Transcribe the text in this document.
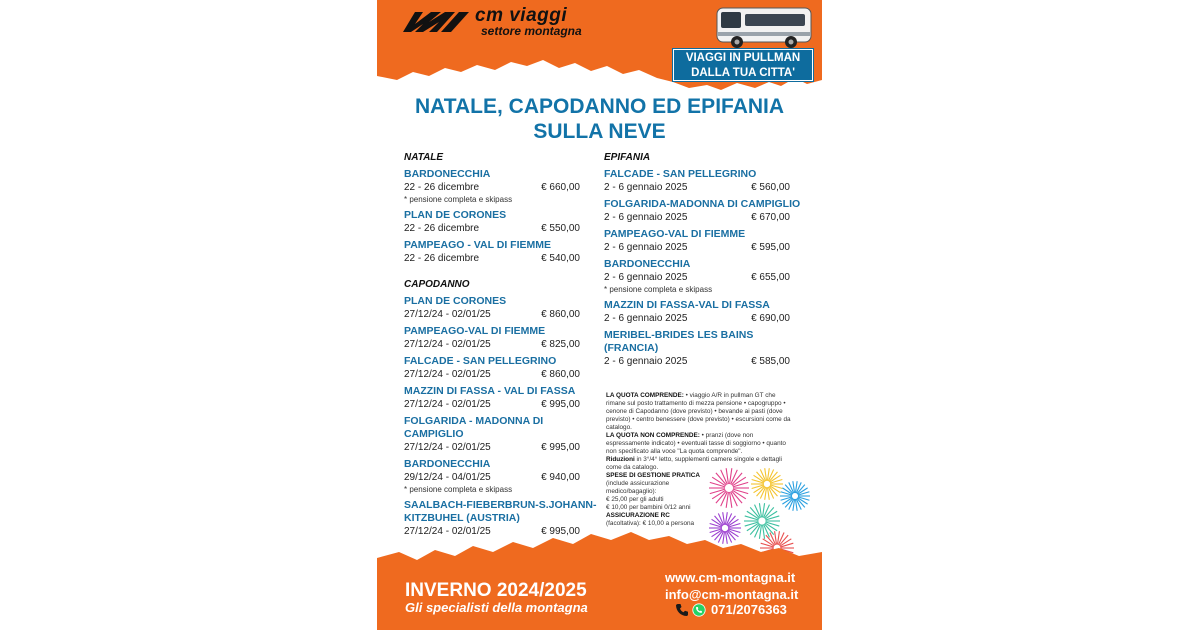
cm viaggi
settore montagna
VIAGGI IN PULLMAN
DALLA TUA CITTA'
NATALE, CAPODANNO ED EPIFANIA
SULLA NEVE
NATALE
BARDONECCHIA
22 - 26 dicembre	€ 660,00
* pensione completa e skipass
PLAN DE CORONES
22 - 26 dicembre	€ 550,00
PAMPEAGO - VAL DI FIEMME
22 - 26 dicembre	€ 540,00
CAPODANNO
PLAN DE CORONES
27/12/24 - 02/01/25	€ 860,00
PAMPEAGO-VAL DI FIEMME
27/12/24 - 02/01/25	€ 825,00
FALCADE - SAN PELLEGRINO
27/12/24 - 02/01/25	€ 860,00
MAZZIN DI FASSA - VAL DI FASSA
27/12/24 - 02/01/25	€ 995,00
FOLGARIDA - MADONNA DI CAMPIGLIO
27/12/24 - 02/01/25	€ 995,00
BARDONECCHIA
29/12/24 - 04/01/25	€ 940,00
* pensione completa e skipass
SAALBACH-FIEBERBRUN-S.JOHANN-KITZBUHEL (AUSTRIA)
27/12/24 - 02/01/25	€ 995,00
EPIFANIA
FALCADE - SAN PELLEGRINO
2 - 6 gennaio 2025	€ 560,00
FOLGARIDA-MADONNA DI CAMPIGLIO
2 - 6 gennaio 2025	€ 670,00
PAMPEAGO-VAL DI FIEMME
2 - 6 gennaio 2025	€ 595,00
BARDONECCHIA
2 - 6 gennaio 2025	€ 655,00
* pensione completa e skipass
MAZZIN DI FASSA-VAL DI FASSA
2 - 6 gennaio 2025	€ 690,00
MERIBEL-BRIDES LES BAINS (FRANCIA)
2 - 6 gennaio 2025	€ 585,00
LA QUOTA COMPRENDE: • viaggio A/R in pullman GT che rimane sul posto trattamento di mezza pensione • capogruppo • cenone di Capodanno (dove previsto) • bevande ai pasti (dove previsto) • centro benessere (dove previsto) • escursioni come da catalogo.
LA QUOTA NON COMPRENDE: • pranzi (dove non espressamente indicato) • eventuali tasse di soggiorno • quanto non specificato alla voce "La quota comprende".
Riduzioni in 3°/4° letto, supplementi camere singole e dettagli come da catalogo.
SPESE DI GESTIONE PRATICA
(include assicurazione
medico/bagaglio):
€ 25,00 per gli adulti
€ 10,00 per bambini 0/12 anni
ASSICURAZIONE RC
(facoltativa): € 10,00 a persona
INVERNO 2024/2025
Gli specialisti della montagna
www.cm-montagna.it
info@cm-montagna.it
071/2076363
